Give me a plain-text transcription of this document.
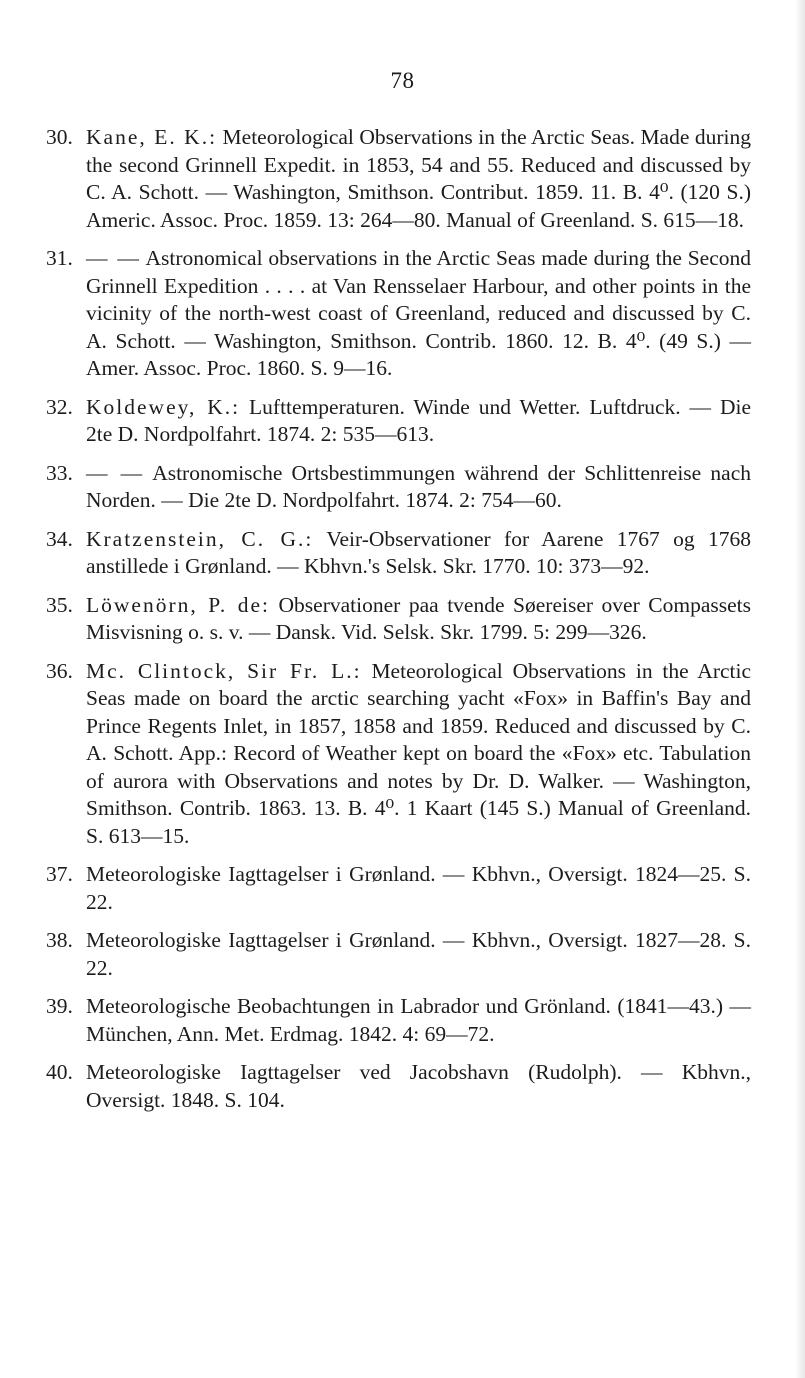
78
30. Kane, E. K.: Meteorological Observations in the Arctic Seas. Made during the second Grinnell Expedit. in 1853, 54 and 55. Reduced and discussed by C. A. Schott. — Washington, Smithson. Contribut. 1859. 11. B. 4⁰. (120 S.) Americ. Assoc. Proc. 1859. 13: 264—80. Manual of Greenland. S. 615—18.
31. — — Astronomical observations in the Arctic Seas made during the Second Grinnell Expedition . . . . at Van Rensselaer Harbour, and other points in the vicinity of the north-west coast of Greenland, reduced and discussed by C. A. Schott. — Washington, Smithson. Contrib. 1860. 12. B. 4⁰. (49 S.) — Amer. Assoc. Proc. 1860. S. 9—16.
32. Koldewey, K.: Lufttemperaturen. Winde und Wetter. Luftdruck. — Die 2te D. Nordpolfahrt. 1874. 2: 535—613.
33. — — Astronomische Ortsbestimmungen während der Schlittenreise nach Norden. — Die 2te D. Nordpolfahrt. 1874. 2: 754—60.
34. Kratzenstein, C. G.: Veir-Observationer for Aarene 1767 og 1768 anstillede i Grønland. — Kbhvn.'s Selsk. Skr. 1770. 10: 373—92.
35. Löwenörn, P. de: Observationer paa tvende Søereiser over Compassets Misvisning o. s. v. — Dansk. Vid. Selsk. Skr. 1799. 5: 299—326.
36. Mc. Clintock, Sir Fr. L.: Meteorological Observations in the Arctic Seas made on board the arctic searching yacht «Fox» in Baffin's Bay and Prince Regents Inlet, in 1857, 1858 and 1859. Reduced and discussed by C. A. Schott. App.: Record of Weather kept on board the «Fox» etc. Tabulation of aurora with Observations and notes by Dr. D. Walker. — Washington, Smithson. Contrib. 1863. 13. B. 4⁰. 1 Kaart (145 S.) Manual of Greenland. S. 613—15.
37. Meteorologiske Iagttagelser i Grønland. — Kbhvn., Oversigt. 1824—25. S. 22.
38. Meteorologiske Iagttagelser i Grønland. — Kbhvn., Oversigt. 1827—28. S. 22.
39. Meteorologische Beobachtungen in Labrador und Grönland. (1841—43.) — München, Ann. Met. Erdmag. 1842. 4: 69—72.
40. Meteorologiske Iagttagelser ved Jacobshavn (Rudolph). — Kbhvn., Oversigt. 1848. S. 104.
